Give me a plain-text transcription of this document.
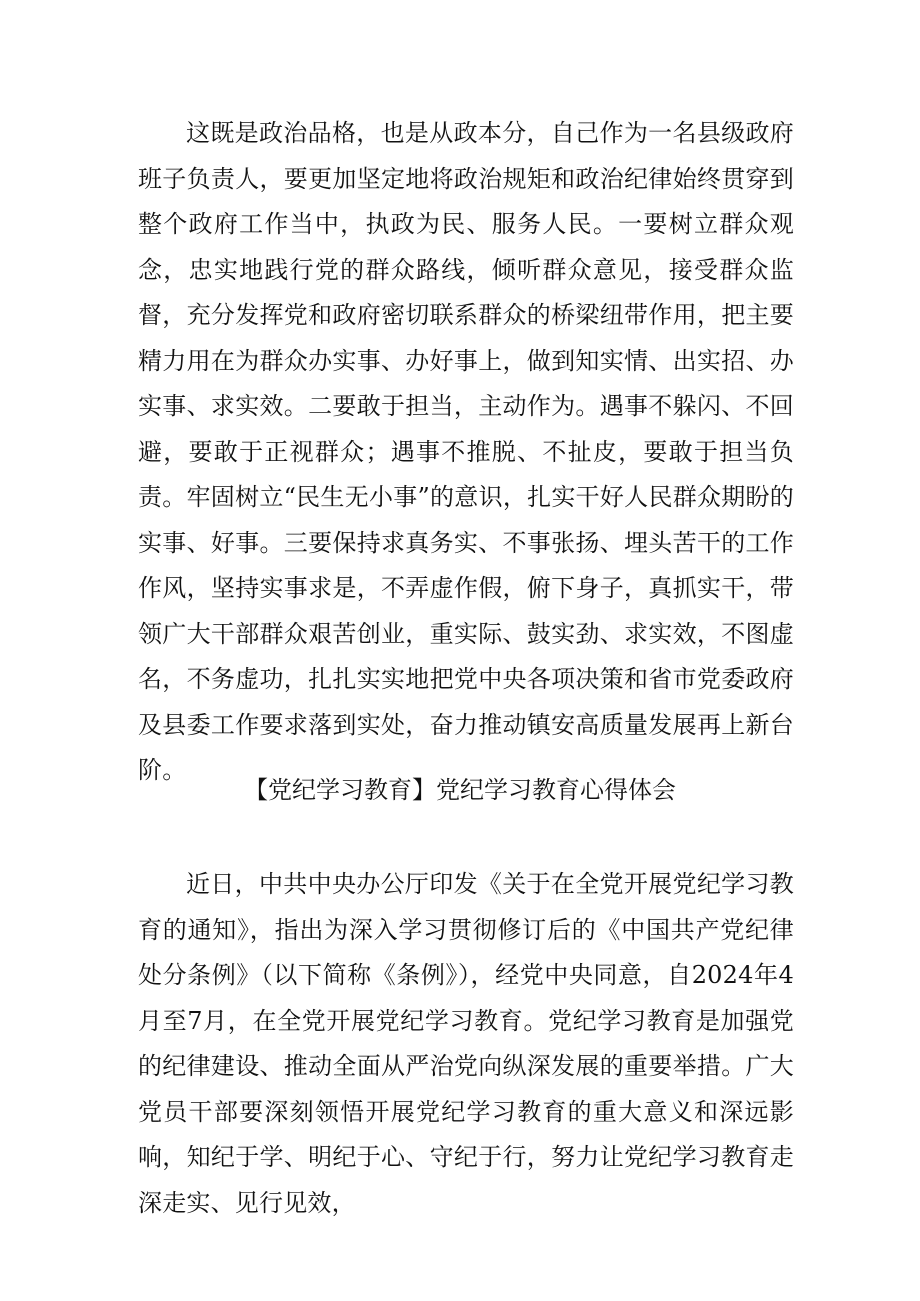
这既是政治品格，也是从政本分，自己作为一名县级政府班子负责人，要更加坚定地将政治规矩和政治纪律始终贯穿到整个政府工作当中，执政为民、服务人民。一要树立群众观念，忠实地践行党的群众路线，倾听群众意见，接受群众监督，充分发挥党和政府密切联系群众的桥梁纽带作用，把主要精力用在为群众办实事、办好事上，做到知实情、出实招、办实事、求实效。二要敢于担当，主动作为。遇事不躲闪、不回避，要敢于正视群众；遇事不推脱、不扯皮，要敢于担当负责。牢固树立“民生无小事”的意识，扎实干好人民群众期盼的实事、好事。三要保持求真务实、不事张扬、埋头苦干的工作作风，坚持实事求是，不弄虚作假，俯下身子，真抓实干，带领广大干部群众艰苦创业，重实际、鼓实劲、求实效，不图虚名，不务虚功，扎扎实实地把党中央各项决策和省市党委政府及县委工作要求落到实处，奋力推动镇安高质量发展再上新台阶。

【党纪学习教育】党纪学习教育心得体会

近日，中共中央办公厅印发《关于在全党开展党纪学习教育的通知》，指出为深入学习贯彻修订后的《中国共产党纪律处分条例》（以下简称《条例》），经党中央同意，自2024年4月至7月，在全党开展党纪学习教育。党纪学习教育是加强党的纪律建设、推动全面从严治党向纵深发展的重要举措。广大党员干部要深刻领悟开展党纪学习教育的重大意义和深远影响，知纪于学、明纪于心、守纪于行，努力让党纪学习教育走深走实、见行见效，
